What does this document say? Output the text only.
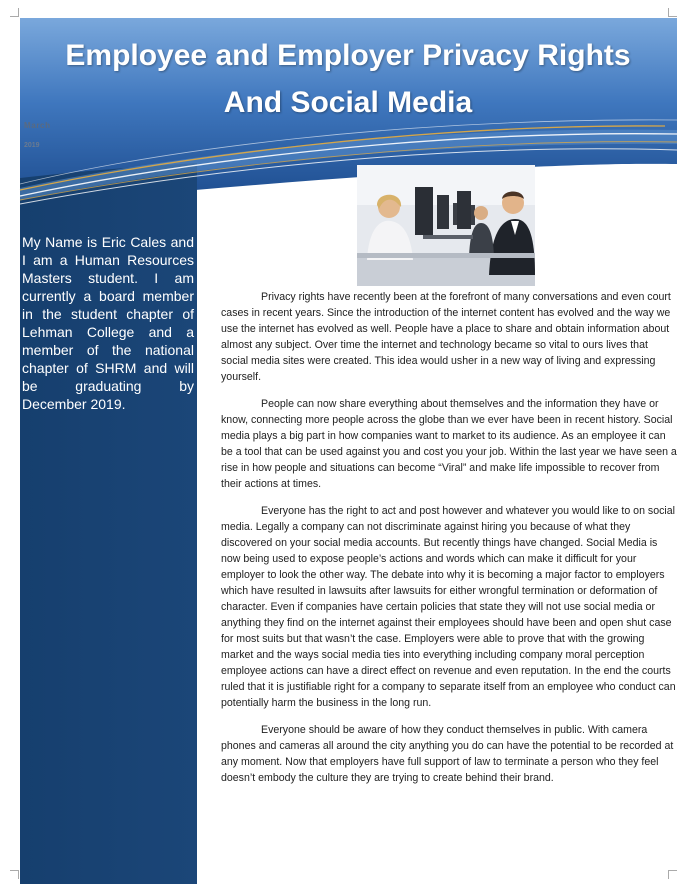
Employee and Employer Privacy Rights
And Social Media
March
2019

My Name is Eric Cales and I am a Human Resources Masters student. I am currently a board member in the student chapter of Lehman College and a member of the national chapter of SHRM and will be graduating by December 2019.

Privacy rights have recently been at the forefront of many conversations and even court cases in recent years. Since the introduction of the internet content has evolved and the way we use the internet has evolved as well. People have a place to share and obtain information about almost any subject. Over time the internet and technology became so vital to ours lives that social media sites were created. This idea would usher in a new way of living and expressing yourself.

People can now share everything about themselves and the information they have or know, connecting more people across the globe than we ever have been in recent history. Social media plays a big part in how companies want to market to its audience. As an employee it can be a tool that can be used against you and cost you your job. Within the last year we have seen a rise in how people and situations can become “Viral” and make life impossible to recover from their actions at times.

Everyone has the right to act and post however and whatever you would like to on social media. Legally a company can not discriminate against hiring you because of what they discovered on your social media accounts. But recently things have changed. Social Media is now being used to expose people’s actions and words which can make it difficult for your employer to look the other way. The debate into why it is becoming a major factor to employers which have resulted in lawsuits after lawsuits for either wrongful termination or deformation of character. Even if companies have certain policies that state they will not use social media or anything they find on the internet against their employees should have been and open shut case for most suits but that wasn’t the case. Employers were able to prove that with the growing market and the ways social media ties into everything including company moral perception employee actions can have a direct effect on revenue and even reputation. In the end the courts ruled that it is justifiable right for a company to separate itself from an employee who conduct can potentially harm the business in the long run.

Everyone should be aware of how they conduct themselves in public. With camera phones and cameras all around the city anything you do can have the potential to be recorded at any moment. Now that employers have full support of law to terminate a person who they feel doesn’t embody the culture they are trying to create behind their brand.
